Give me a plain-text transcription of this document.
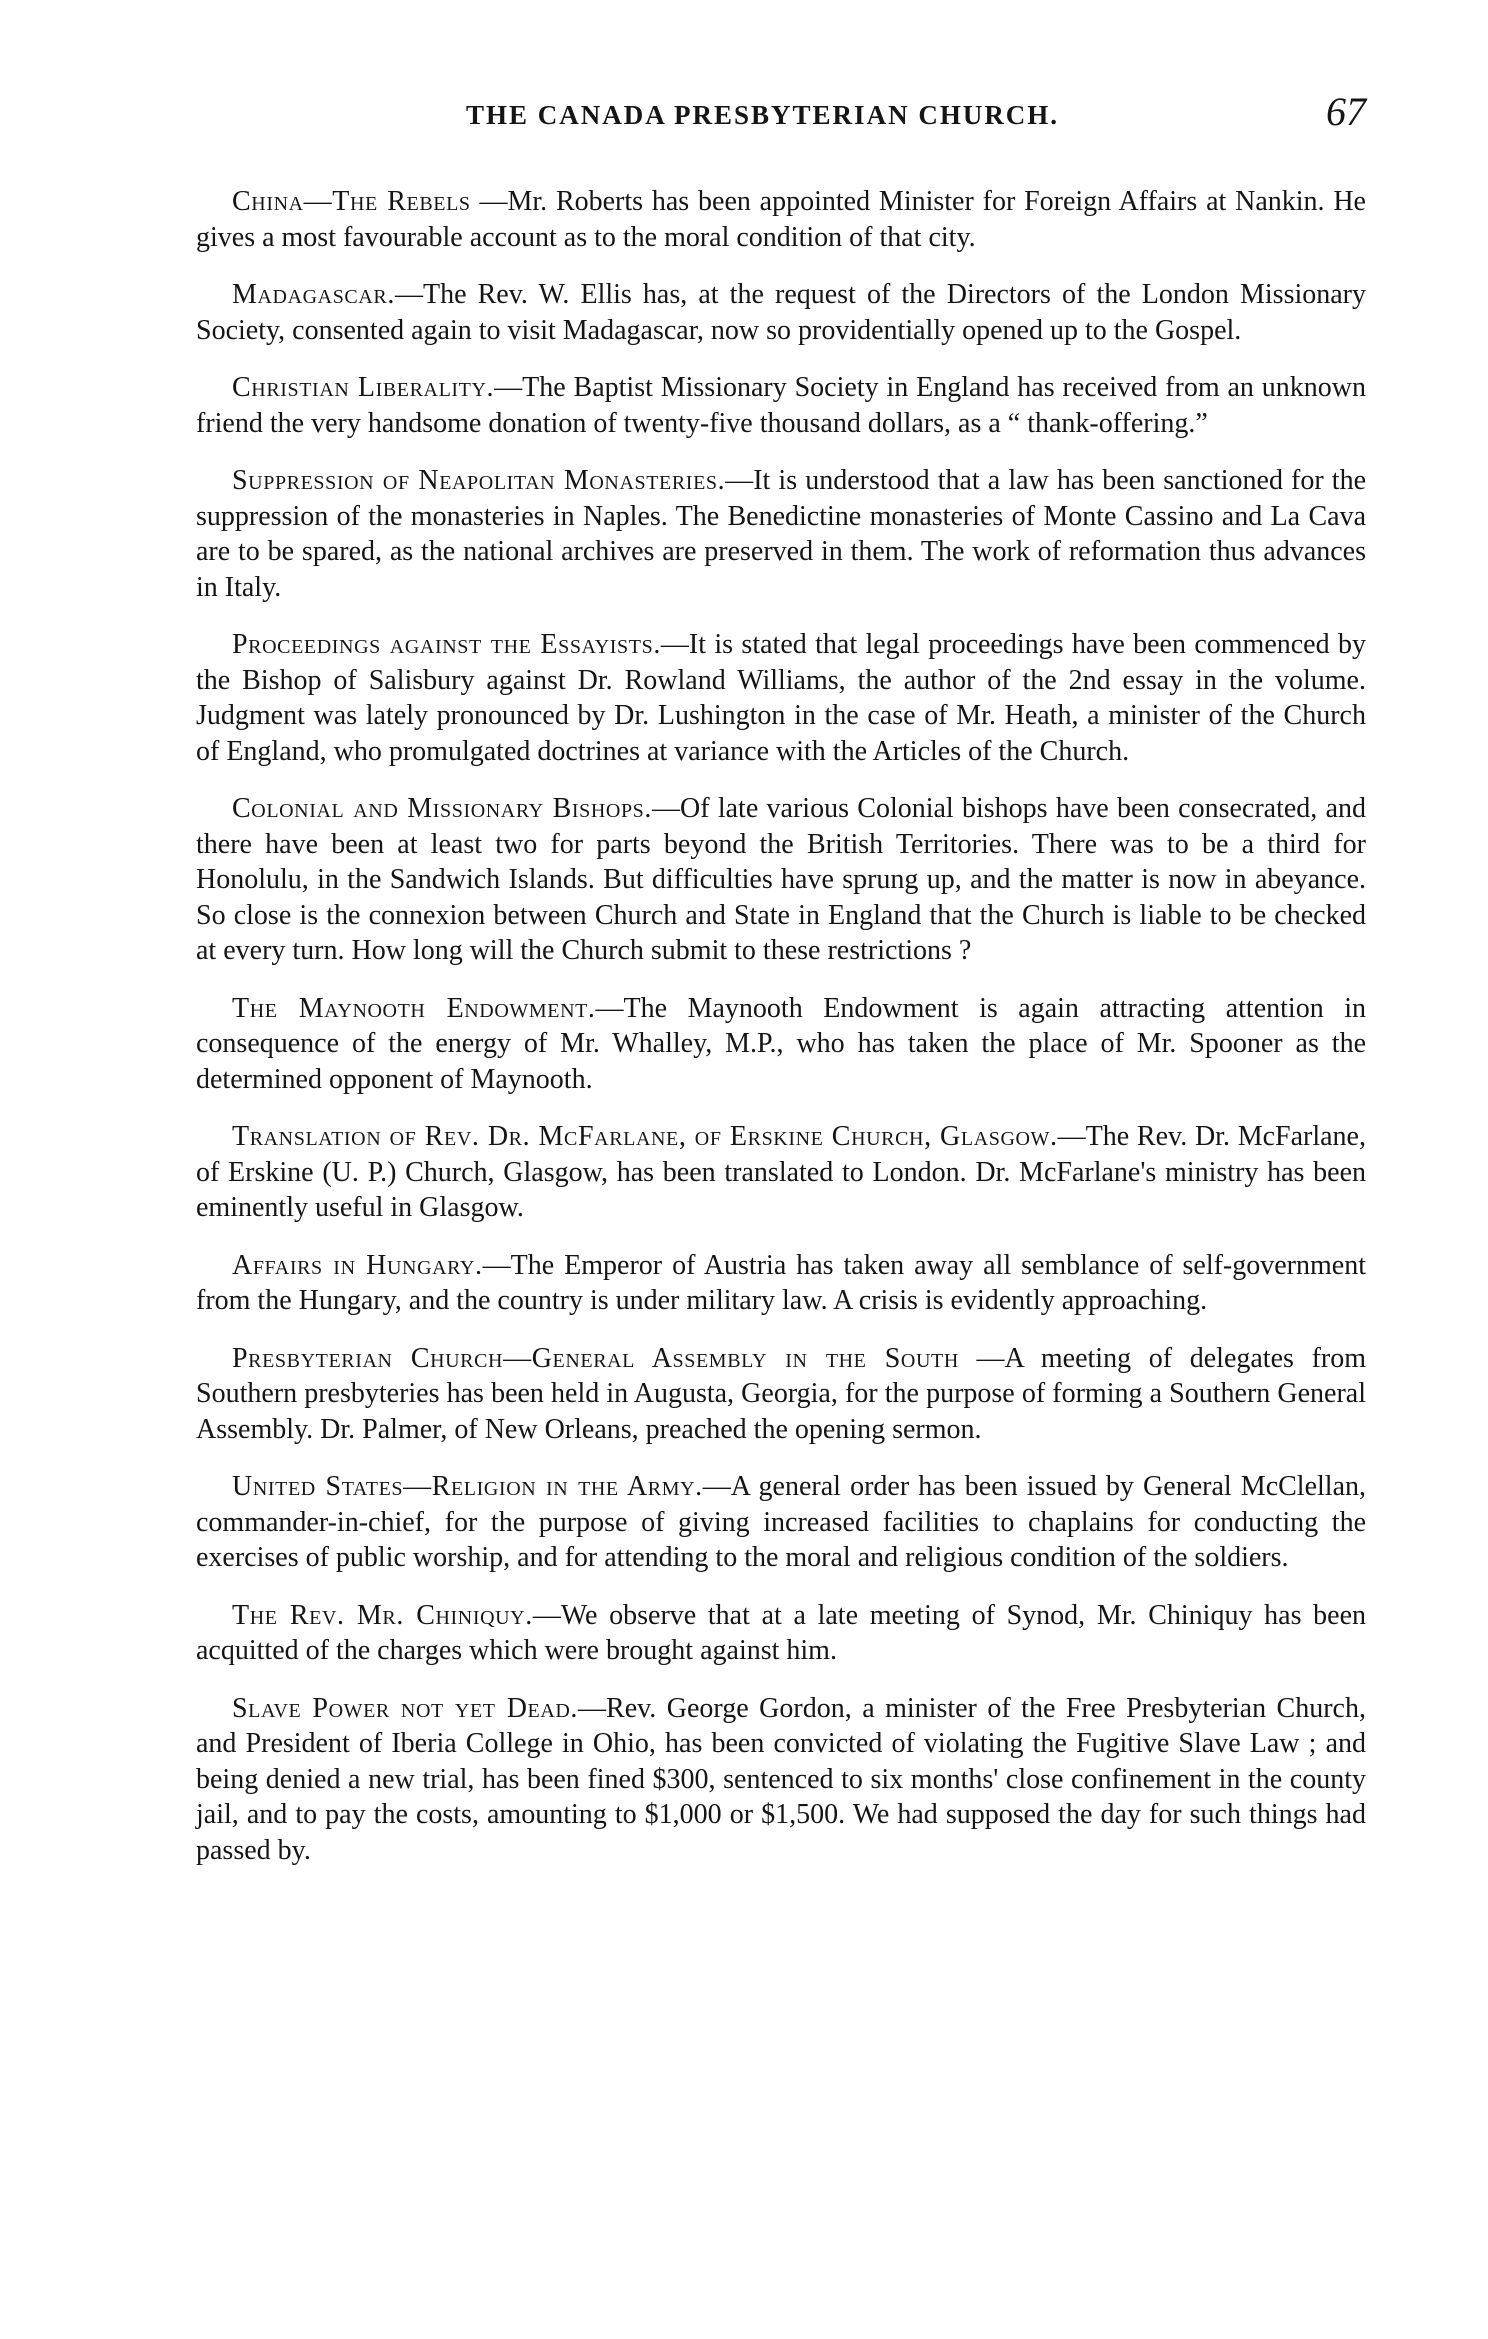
THE CANADA PRESBYTERIAN CHURCH.	67

China—The Rebels —Mr. Roberts has been appointed Minister for Foreign Affairs at Nankin. He gives a most favourable account as to the moral condition of that city.

Madagascar.—The Rev. W. Ellis has, at the request of the Directors of the London Missionary Society, consented again to visit Madagascar, now so providentially opened up to the Gospel.

Christian Liberality.—The Baptist Missionary Society in England has received from an unknown friend the very handsome donation of twenty-five thousand dollars, as a “ thank-offering.”

Suppression of Neapolitan Monasteries.—It is understood that a law has been sanctioned for the suppression of the monasteries in Naples. The Benedictine monasteries of Monte Cassino and La Cava are to be spared, as the national archives are preserved in them. The work of reformation thus advances in Italy.

Proceedings against the Essayists.—It is stated that legal proceedings have been commenced by the Bishop of Salisbury against Dr. Rowland Williams, the author of the 2nd essay in the volume. Judgment was lately pronounced by Dr. Lushington in the case of Mr. Heath, a minister of the Church of England, who promulgated doctrines at variance with the Articles of the Church.

Colonial and Missionary Bishops.—Of late various Colonial bishops have been consecrated, and there have been at least two for parts beyond the British Territories. There was to be a third for Honolulu, in the Sandwich Islands. But difficulties have sprung up, and the matter is now in abeyance. So close is the connexion between Church and State in England that the Church is liable to be checked at every turn. How long will the Church submit to these restrictions ?

The Maynooth Endowment.—The Maynooth Endowment is again attracting attention in consequence of the energy of Mr. Whalley, M.P., who has taken the place of Mr. Spooner as the determined opponent of Maynooth.

Translation of Rev. Dr. McFarlane, of Erskine Church, Glasgow.—The Rev. Dr. McFarlane, of Erskine (U. P.) Church, Glasgow, has been translated to London. Dr. McFarlane's ministry has been eminently useful in Glasgow.

Affairs in Hungary.—The Emperor of Austria has taken away all semblance of self-government from the Hungary, and the country is under military law. A crisis is evidently approaching.

Presbyterian Church—General Assembly in the South —A meeting of delegates from Southern presbyteries has been held in Augusta, Georgia, for the purpose of forming a Southern General Assembly. Dr. Palmer, of New Orleans, preached the opening sermon.

United States—Religion in the Army.—A general order has been issued by General McClellan, commander-in-chief, for the purpose of giving increased facilities to chaplains for conducting the exercises of public worship, and for attending to the moral and religious condition of the soldiers.

The Rev. Mr. Chiniquy.—We observe that at a late meeting of Synod, Mr. Chiniquy has been acquitted of the charges which were brought against him.

Slave Power not yet Dead.—Rev. George Gordon, a minister of the Free Presbyterian Church, and President of Iberia College in Ohio, has been convicted of violating the Fugitive Slave Law ; and being denied a new trial, has been fined $300, sentenced to six months' close confinement in the county jail, and to pay the costs, amounting to $1,000 or $1,500. We had supposed the day for such things had passed by.
